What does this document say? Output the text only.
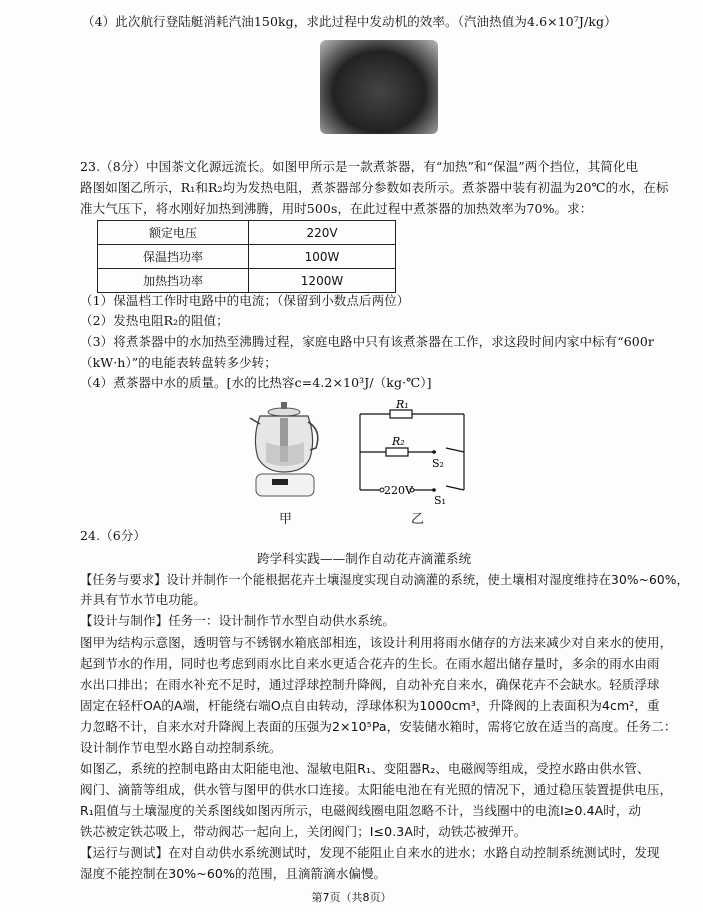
（4）此次航行登陆艇消耗汽油150kg，求此过程中发动机的效率。（汽油热值为4.6×10⁷J/kg）
23.（8分）中国茶文化源远流长。如图甲所示是一款煮茶器，有“加热”和“保温”两个挡位，其简化电
路图如图乙所示，R₁和R₂均为发热电阻，煮茶器部分参数如表所示。煮茶器中装有初温为20℃的水，在标
准大气压下，将水刚好加热到沸腾，用时500s，在此过程中煮茶器的加热效率为70%。求：
额定电压	220V
保温挡功率	100W
加热挡功率	1200W
（1）保温档工作时电路中的电流；（保留到小数点后两位）
（2）发热电阻R₂的阻值；
（3）将煮茶器中的水加热至沸腾过程，家庭电路中只有该煮茶器在工作，求这段时间内家中标有“600r
（kW·h）”的电能表转盘转多少转；
（4）煮茶器中水的质量。[水的比热容c=4.2×10³J/（kg·℃）]
R₁
R₂
S₂
S₁
220V
甲	乙
24.（6分）
跨学科实践——制作自动花卉滴灌系统
【任务与要求】设计并制作一个能根据花卉土壤湿度实现自动滴灌的系统，使土壤相对湿度维持在30%~60%，
并具有节水节电功能。
【设计与制作】任务一：设计制作节水型自动供水系统。
图甲为结构示意图，透明管与不锈钢水箱底部相连，该设计利用将雨水储存的方法来减少对自来水的使用，
起到节水的作用，同时也考虑到雨水比自来水更适合花卉的生长。在雨水超出储存量时，多余的雨水由雨
水出口排出；在雨水补充不足时，通过浮球控制升降阀，自动补充自来水，确保花卉不会缺水。轻质浮球
固定在轻杆OA的A端，杆能绕右端O点自由转动，浮球体积为1000cm³，升降阀的上表面积为4cm²，重
力忽略不计，自来水对升降阀上表面的压强为2×10⁵Pa，安装储水箱时，需将它放在适当的高度。任务二：
设计制作节电型水路自动控制系统。
如图乙，系统的控制电路由太阳能电池、湿敏电阻R₁、变阻器R₂、电磁阀等组成，受控水路由供水管、
阀门、滴箭等组成，供水管与图甲的供水口连接。太阳能电池在有光照的情况下，通过稳压装置提供电压，
R₁阻值与土壤湿度的关系图线如图丙所示，电磁阀线圈电阻忽略不计，当线圈中的电流I≥0.4A时，动
铁芯被定铁芯吸上，带动阀芯一起向上，关闭阀门；I≤0.3A时，动铁芯被弹开。
【运行与测试】在对自动供水系统测试时，发现不能阻止自来水的进水；水路自动控制系统测试时，发现
湿度不能控制在30%~60%的范围，且滴箭滴水偏慢。
第7页（共8页）
